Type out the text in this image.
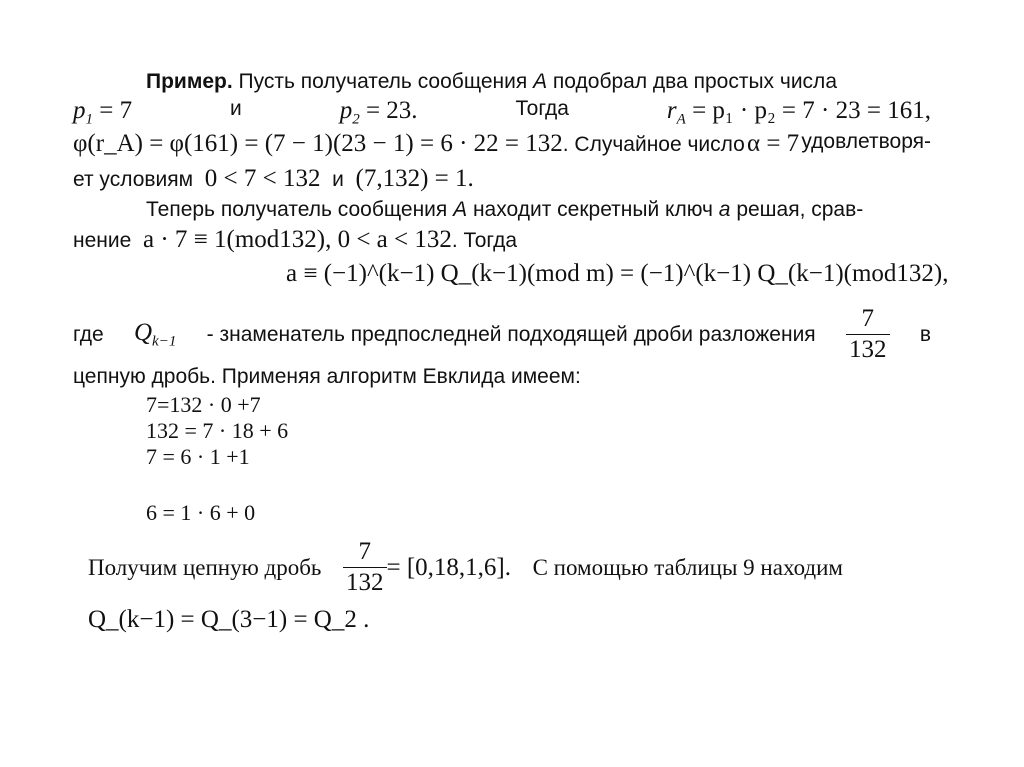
Пример. Пусть получатель сообщения A подобрал два простых числа
$p_1 = 7$	и	$p_2 = 23$.	Тогда	$r_A = p_1 \cdot p_2 = 7 \cdot 23 = 161$,
φ(r_A) = φ(161) = (7 − 1)(23 − 1) = 6 · 22 = 132. Случайное число α = 7 удовлетворя-
ет условиям 0 < 7 < 132 и (7,132) = 1.
Теперь получатель сообщения A находит секретный ключ a решая, срав-
нение a · 7 ≡ 1(mod132), 0 < a < 132. Тогда
a ≡ (−1)^(k−1) Q_(k−1)(mod m) = (−1)^(k−1) Q_(k−1)(mod132),
где $Q_{k-1}$ - знаменатель предпоследней подходящей дроби разложения $\frac{7}{132}$ в
цепную дробь. Применяя алгоритм Евклида имеем:
7=132 · 0 +7
132 = 7 · 18 + 6
7 = 6 · 1 +1
6 = 1 · 6 + 0
Получим цепную дробь $\frac{7}{132} = [0,18,1,6]$. С помощью таблицы 9 находим
Q_(k−1) = Q_(3−1) = Q_2 .
